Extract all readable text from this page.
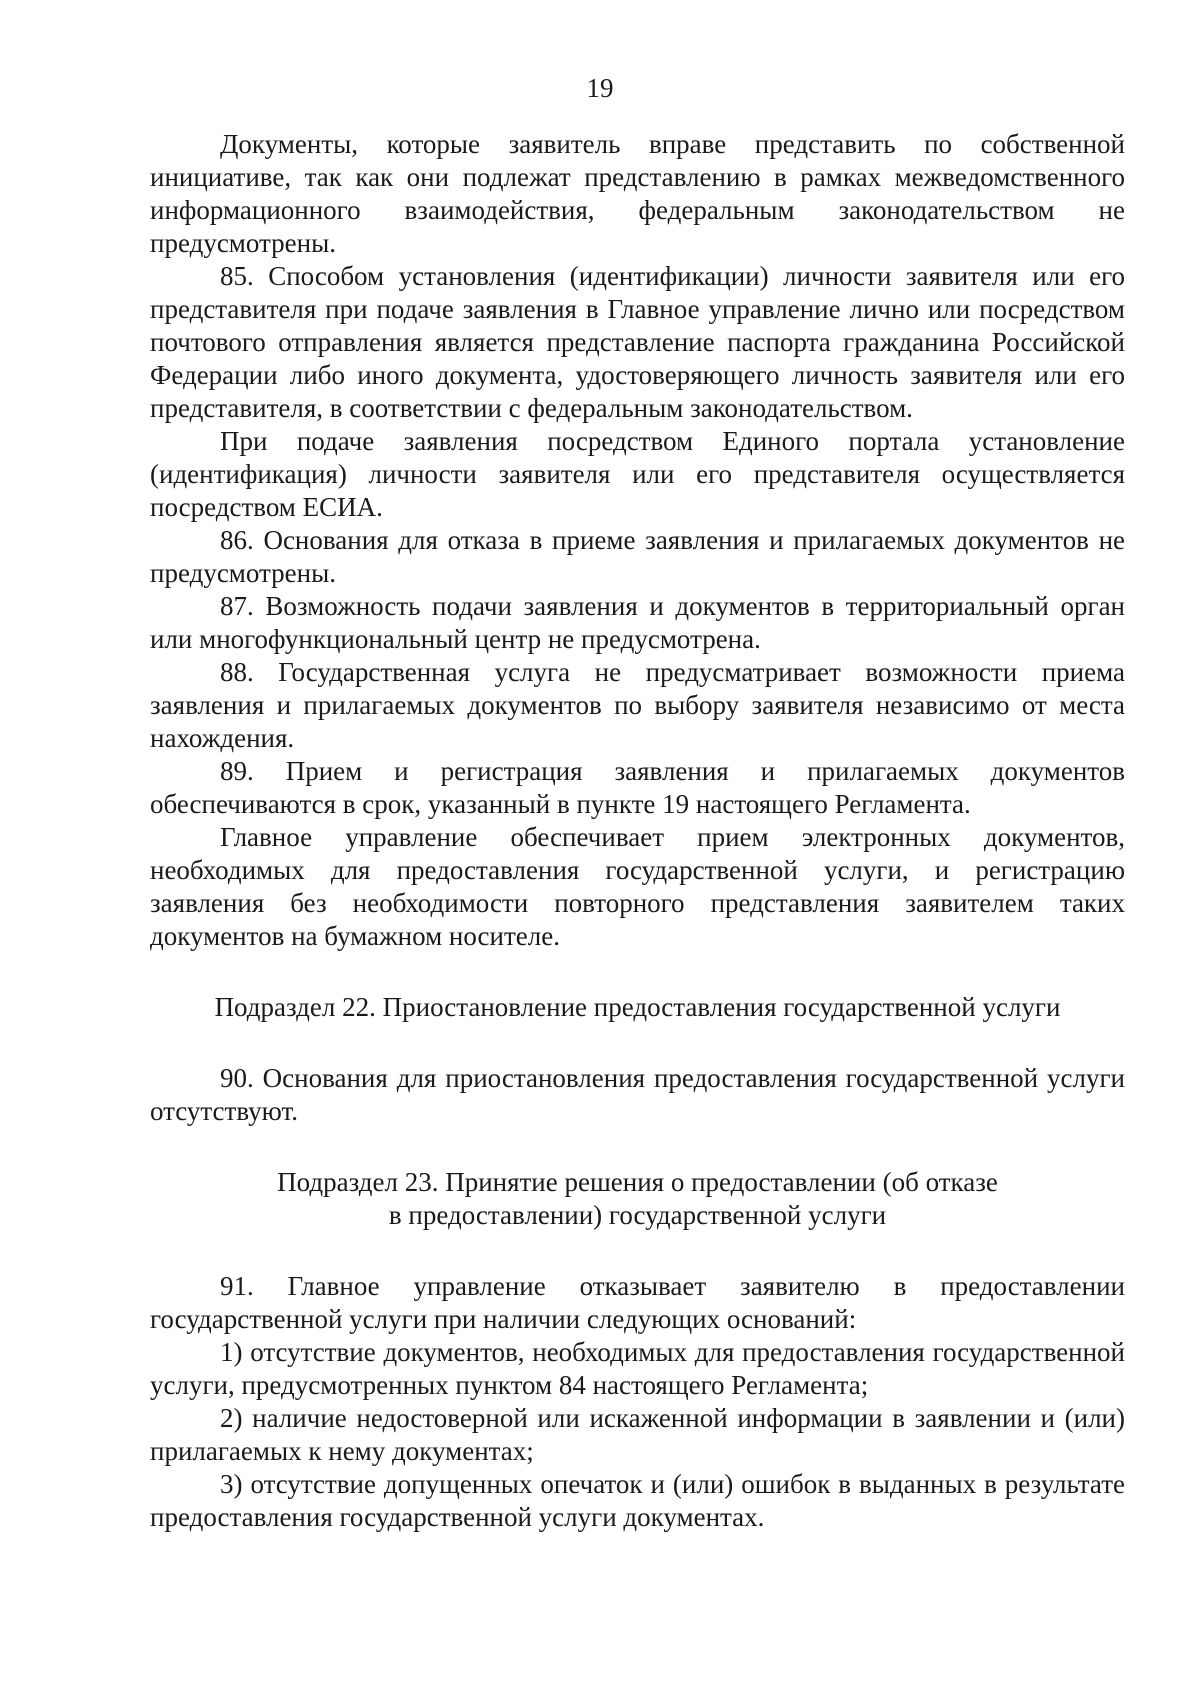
19

Документы, которые заявитель вправе представить по собственной инициативе, так как они подлежат представлению в рамках межведомственного информационного взаимодействия, федеральным законодательством не предусмотрены.

85. Способом установления (идентификации) личности заявителя или его представителя при подаче заявления в Главное управление лично или посредством почтового отправления является представление паспорта гражданина Российской Федерации либо иного документа, удостоверяющего личность заявителя или его представителя, в соответствии с федеральным законодательством.

При подаче заявления посредством Единого портала установление (идентификация) личности заявителя или его представителя осуществляется посредством ЕСИА.

86. Основания для отказа в приеме заявления и прилагаемых документов не предусмотрены.

87. Возможность подачи заявления и документов в территориальный орган или многофункциональный центр не предусмотрена.

88. Государственная услуга не предусматривает возможности приема заявления и прилагаемых документов по выбору заявителя независимо от места нахождения.

89. Прием и регистрация заявления и прилагаемых документов обеспечиваются в срок, указанный в пункте 19 настоящего Регламента.

Главное управление обеспечивает прием электронных документов, необходимых для предоставления государственной услуги, и регистрацию заявления без необходимости повторного представления заявителем таких документов на бумажном носителе.

Подраздел 22. Приостановление предоставления государственной услуги

90. Основания для приостановления предоставления государственной услуги отсутствуют.

Подраздел 23. Принятие решения о предоставлении (об отказе
в предоставлении) государственной услуги

91. Главное управление отказывает заявителю в предоставлении государственной услуги при наличии следующих оснований:

1) отсутствие документов, необходимых для предоставления государственной услуги, предусмотренных пунктом 84 настоящего Регламента;

2) наличие недостоверной или искаженной информации в заявлении и (или) прилагаемых к нему документах;

3) отсутствие допущенных опечаток и (или) ошибок в выданных в результате предоставления государственной услуги документах.
